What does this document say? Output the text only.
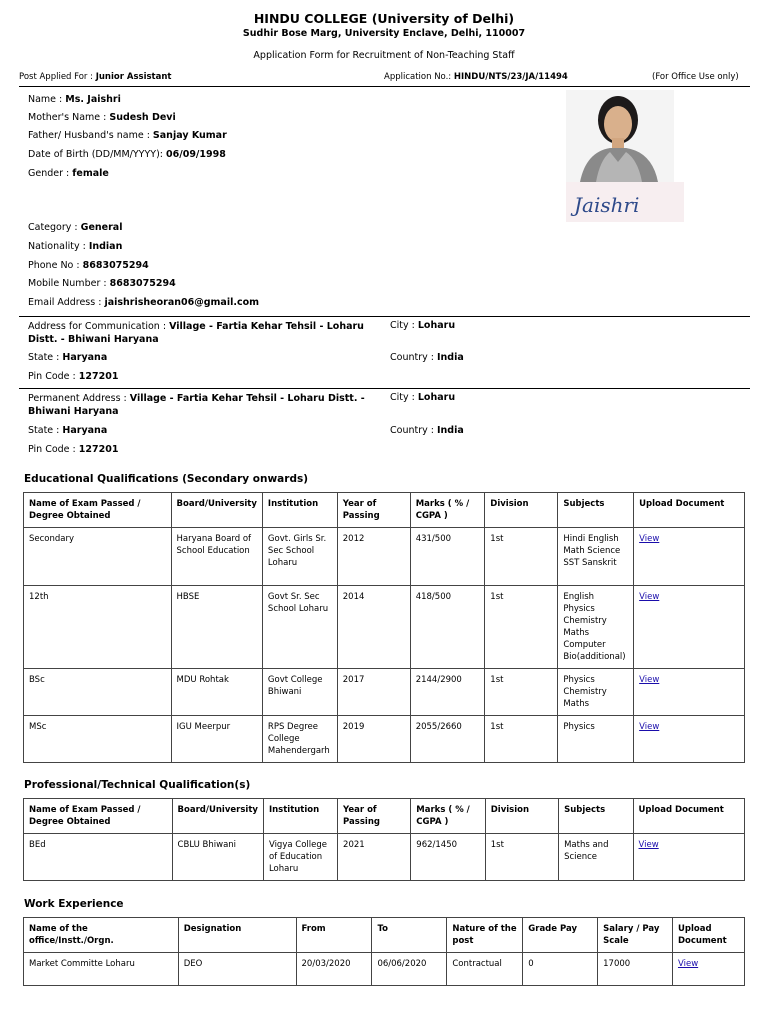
HINDU COLLEGE (University of Delhi)
Sudhir Bose Marg, University Enclave, Delhi, 110007
Application Form for Recruitment of Non-Teaching Staff
Post Applied For : Junior Assistant	Application No.: HINDU/NTS/23/JA/11494	(For Office Use only)
Name : Ms. Jaishri
Mother's Name : Sudesh Devi
Father/ Husband's name : Sanjay Kumar
Date of Birth (DD/MM/YYYY): 06/09/1998
Gender : female
Category : General
Nationality : Indian
Phone No : 8683075294
Mobile Number : 8683075294
Email Address : jaishrisheoran06@gmail.com
Jaishri
Address for Communication : Village - Fartia Kehar Tehsil - Loharu Distt. - Bhiwani Haryana
City : Loharu
State : Haryana	Country : India
Pin Code : 127201
Permanent Address : Village - Fartia Kehar Tehsil - Loharu Distt. - Bhiwani Haryana
City : Loharu
State : Haryana	Country : India
Pin Code : 127201
Educational Qualifications (Secondary onwards)
Name of Exam Passed / Degree Obtained	Board/University	Institution	Year of Passing	Marks ( % / CGPA )	Division	Subjects	Upload Document
Secondary	Haryana Board of School Education	Govt. Girls Sr. Sec School Loharu	2012	431/500	1st	Hindi English Math Science SST Sanskrit	View
12th	HBSE	Govt Sr. Sec School Loharu	2014	418/500	1st	English Physics Chemistry Maths Computer Bio(additional)	View
BSc	MDU Rohtak	Govt College Bhiwani	2017	2144/2900	1st	Physics Chemistry Maths	View
MSc	IGU Meerpur	RPS Degree College Mahendergarh	2019	2055/2660	1st	Physics	View
Professional/Technical Qualification(s)
Name of Exam Passed / Degree Obtained	Board/University	Institution	Year of Passing	Marks ( % / CGPA )	Division	Subjects	Upload Document
BEd	CBLU Bhiwani	Vigya College of Education Loharu	2021	962/1450	1st	Maths and Science	View
Work Experience
Name of the office/Instt./Orgn.	Designation	From	To	Nature of the post	Grade Pay	Salary / Pay Scale	Upload Document
Market Committe Loharu	DEO	20/03/2020	06/06/2020	Contractual	0	17000	View
